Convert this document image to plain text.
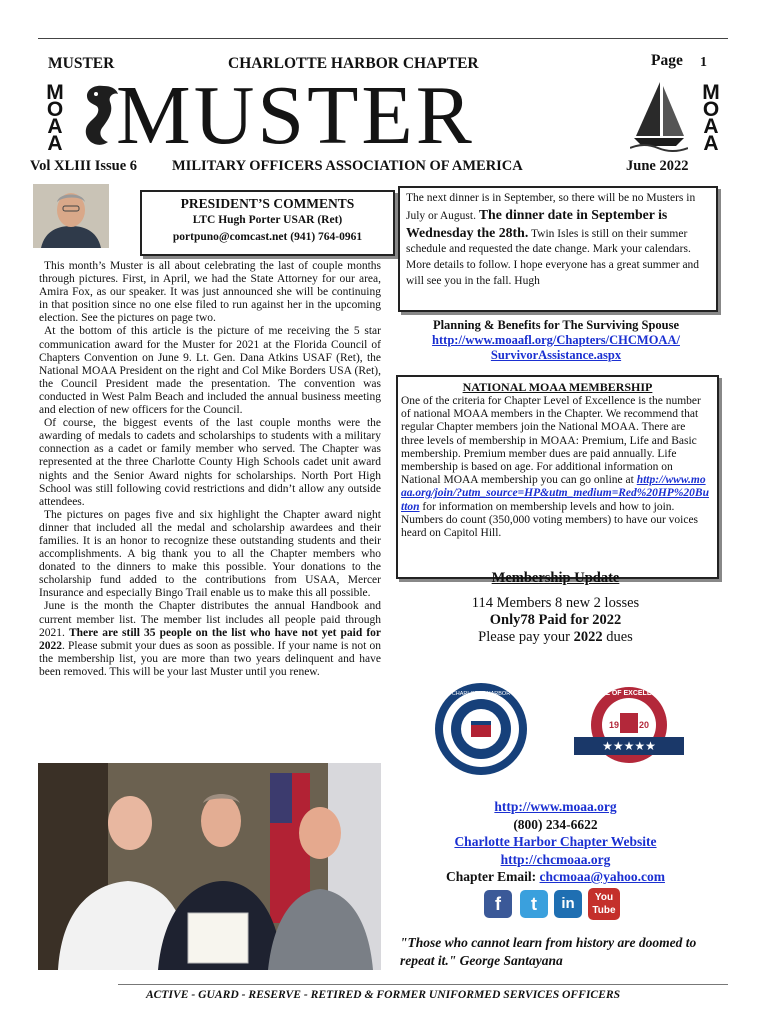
MUSTER	CHARLOTTE HARBOR CHAPTER	Page 1
M
O
A
A MUSTER	M
O
A
A
Vol XLIII Issue 6 MILITARY OFFICERS ASSOCIATION OF AMERICA	June 2022
PRESIDENT’S COMMENTS
LTC Hugh Porter USAR (Ret)
portpuno@comcast.net (941) 764-0961

This month’s Muster is all about celebrating the last of couple months through pictures. First, in April, we had the State Attorney for our area, Amira Fox, as our speaker. It was just announced she will be continuing in that position since no one else filed to run against her in the upcoming election. See the pictures on page two.

At the bottom of this article is the picture of me receiving the 5 star communication award for the Muster for 2021 at the Florida Council of Chapters Convention on June 9. Lt. Gen. Dana Atkins USAF (Ret), the National MOAA President on the right and Col Mike Borders USA (Ret), the Council President made the presentation. The convention was conducted in West Palm Beach and included the annual business meeting and election of new officers for the Council.

Of course, the biggest events of the last couple months were the awarding of medals to cadets and scholarships to students with a military connection as a cadet or family member who served. The Chapter was represented at the three Charlotte County High Schools cadet unit award nights and the Senior Award nights for scholarships. North Port High School was still following covid restrictions and didn’t allow any outside attendees.

The pictures on pages five and six highlight the Chapter award night dinner that included all the medal and scholarship awardees and their families. It is an honor to recognize these outstanding students and their accomplishments. A big thank you to all the Chapter members who donated to the dinners to make this possible. Your donations to the scholarship fund added to the contributions from USAA, Mercer Insurance and especially Bingo Trail enable us to make this all possible.

June is the month the Chapter distributes the annual Handbook and current member list. The member list includes all people paid through 2021. There are still 35 people on the list who have not yet paid for 2022. Please submit your dues as soon as possible. If your name is not on the membership list, you are more than two years delinquent and have been removed. This will be your last Muster until you renew.

The next dinner is in September, so there will be no Musters in July or August. The dinner date in September is Wednesday the 28th. Twin Isles is still on their summer schedule and requested the date change. Mark your calendars. More details to follow. I hope everyone has a great summer and will see you in the fall. Hugh
Planning & Benefits for The Surviving Spouse
http://www.moaafl.org/Chapters/CHCMOAA/
SurvivorAssistance.aspx
NATIONAL MOAA MEMBERSHIP
One of the criteria for Chapter Level of Excellence is the number of national MOAA members in the Chapter. We recommend that regular Chapter members join the National MOAA. There are three levels of membership in MOAA: Premium, Life and Basic membership. Premium member dues are paid annually. Life membership is based on age. For additional information on National MOAA membership you can go online at http://www.moaa.org/join/?utm_source=HP&utm_medium=Red%20HP%20Button for information on membership levels and how to join. Numbers do count (350,000 voting members) to have our voices heard on Capitol Hill.
Membership Update
114 Members 8 new 2 losses
Only78 Paid for 2022
Please pay your 2022 dues
CHARLOTTE HARBOR
★★★★★
LEVEL OF EXCELLENCE
19 20
http://www.moaa.org
(800) 234-6622
Charlotte Harbor Chapter Website
http://chcmoaa.org
Chapter Email: chcmoaa@yahoo.com
f	t	in	You
Tube
"Those who cannot learn from history are doomed to repeat it." George Santayana
ACTIVE - GUARD - RESERVE - RETIRED & FORMER UNIFORMED SERVICES OFFICERS
